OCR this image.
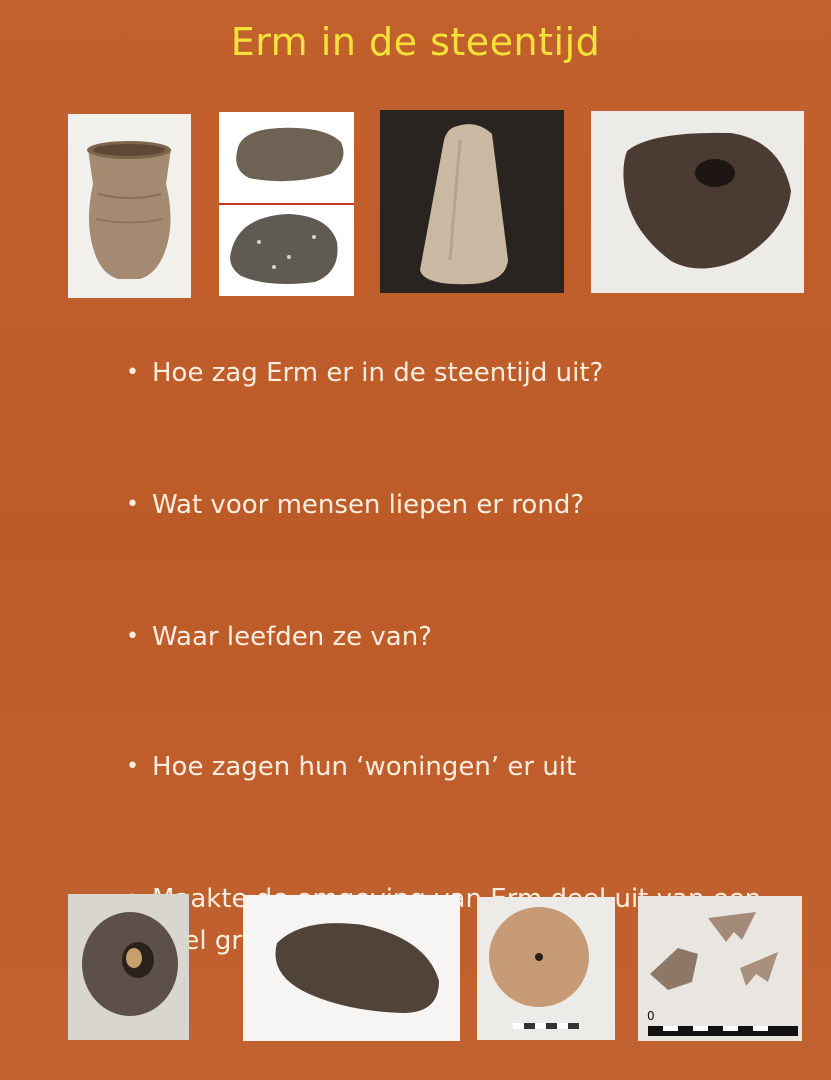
Erm in de steentijd
• Hoe zag Erm er in de steentijd uit?
• Wat voor mensen liepen er rond?
• Waar leefden ze van?
• Hoe zagen hun ‘woningen’ er uit
• Maakte uit
0
